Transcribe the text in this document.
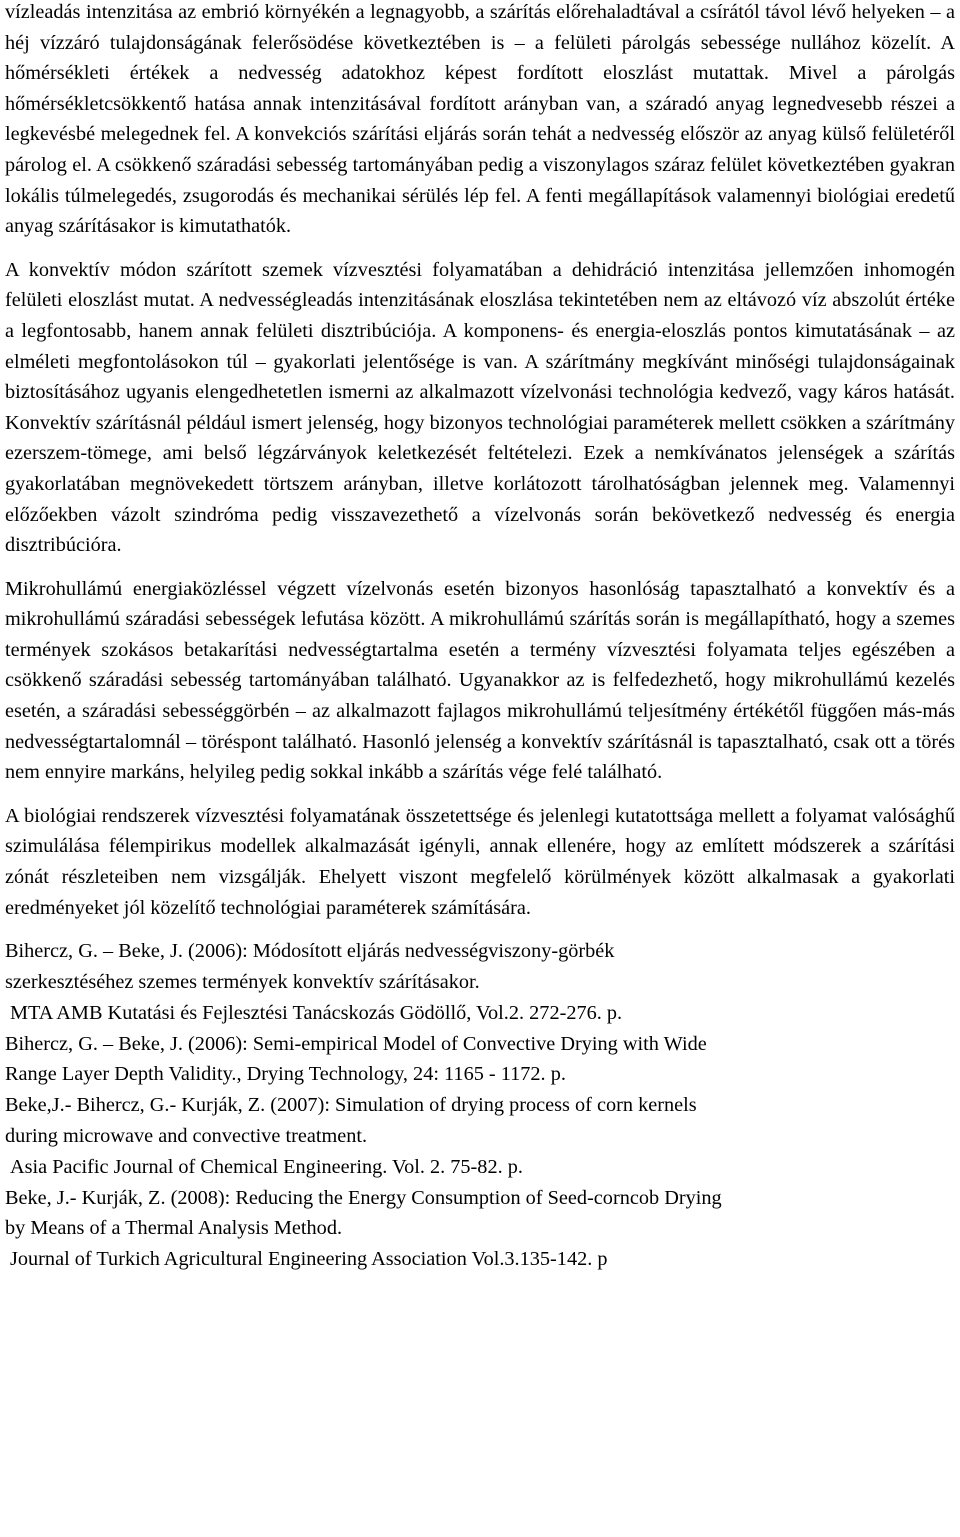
vízleadás intenzitása az embrió környékén a legnagyobb, a szárítás előrehaladtával a csírától távol lévő helyeken – a héj vízzáró tulajdonságának felerősödése következtében is – a felületi párolgás sebessége nullához közelít. A hőmérsékleti értékek a nedvesség adatokhoz képest fordított eloszlást mutattak. Mivel a párolgás hőmérsékletcsökkentő hatása annak intenzitásával fordított arányban van, a száradó anyag legnedvesebb részei a legkevésbé melegednek fel. A konvekciós szárítási eljárás során tehát a nedvesség először az anyag külső felületéről párolog el. A csökkenő száradási sebesség tartományában pedig a viszonylagos száraz felület következtében gyakran lokális túlmelegedés, zsugorodás és mechanikai sérülés lép fel. A fenti megállapítások valamennyi biológiai eredetű anyag szárításakor is kimutathatók.

A konvektív módon szárított szemek vízvesztési folyamatában a dehidráció intenzitása jellemzően inhomogén felületi eloszlást mutat. A nedvességleadás intenzitásának eloszlása tekintetében nem az eltávozó víz abszolút értéke a legfontosabb, hanem annak felületi disztribúciója. A komponens- és energia-eloszlás pontos kimutatásának – az elméleti megfontolásokon túl – gyakorlati jelentősége is van. A szárítmány megkívánt minőségi tulajdonságainak biztosításához ugyanis elengedhetetlen ismerni az alkalmazott vízelvonási technológia kedvező, vagy káros hatását. Konvektív szárításnál például ismert jelenség, hogy bizonyos technológiai paraméterek mellett csökken a szárítmány ezerszem-tömege, ami belső légzárványok keletkezését feltételezi. Ezek a nemkívánatos jelenségek a szárítás gyakorlatában megnövekedett törtszem arányban, illetve korlátozott tárolhatóságban jelennek meg. Valamennyi előzőekben vázolt szindróma pedig visszavezethető a vízelvonás során bekövetkező nedvesség és energia disztribúcióra.

Mikrohullámú energiaközléssel végzett vízelvonás esetén bizonyos hasonlóság tapasztalható a konvektív és a mikrohullámú száradási sebességek lefutása között. A mikrohullámú szárítás során is megállapítható, hogy a szemes termények szokásos betakarítási nedvességtartalma esetén a termény vízvesztési folyamata teljes egészében a csökkenő száradási sebesség tartományában található. Ugyanakkor az is felfedezhető, hogy mikrohullámú kezelés esetén, a száradási sebességgörbén – az alkalmazott fajlagos mikrohullámú teljesítmény értékétől függően más-más nedvességtartalomnál – töréspont található. Hasonló jelenség a konvektív szárításnál is tapasztalható, csak ott a törés nem ennyire markáns, helyileg pedig sokkal inkább a szárítás vége felé található.

A biológiai rendszerek vízvesztési folyamatának összetettsége és jelenlegi kutatottsága mellett a folyamat valósághű szimulálása félempirikus modellek alkalmazását igényli, annak ellenére, hogy az említett módszerek a szárítási zónát részleteiben nem vizsgálják. Ehelyett viszont megfelelő körülmények között alkalmasak a gyakorlati eredményeket jól közelítő technológiai paraméterek számítására.

Bihercz, G. – Beke, J. (2006): Módosított eljárás nedvességviszony-görbék
szerkesztéséhez szemes termények konvektív szárításakor.
MTA AMB Kutatási és Fejlesztési Tanácskozás Gödöllő, Vol.2. 272-276. p.
Bihercz, G. – Beke, J. (2006): Semi-empirical Model of Convective Drying with Wide
Range Layer Depth Validity., Drying Technology, 24: 1165 - 1172. p.
Beke,J.- Bihercz, G.- Kurják, Z. (2007): Simulation of drying process of corn kernels
during microwave and convective treatment.
Asia Pacific Journal of Chemical Engineering. Vol. 2. 75-82. p.
Beke, J.- Kurják, Z. (2008): Reducing the Energy Consumption of Seed-corncob Drying
by Means of a Thermal Analysis Method.
Journal of Turkich Agricultural Engineering Association Vol.3.135-142. p
